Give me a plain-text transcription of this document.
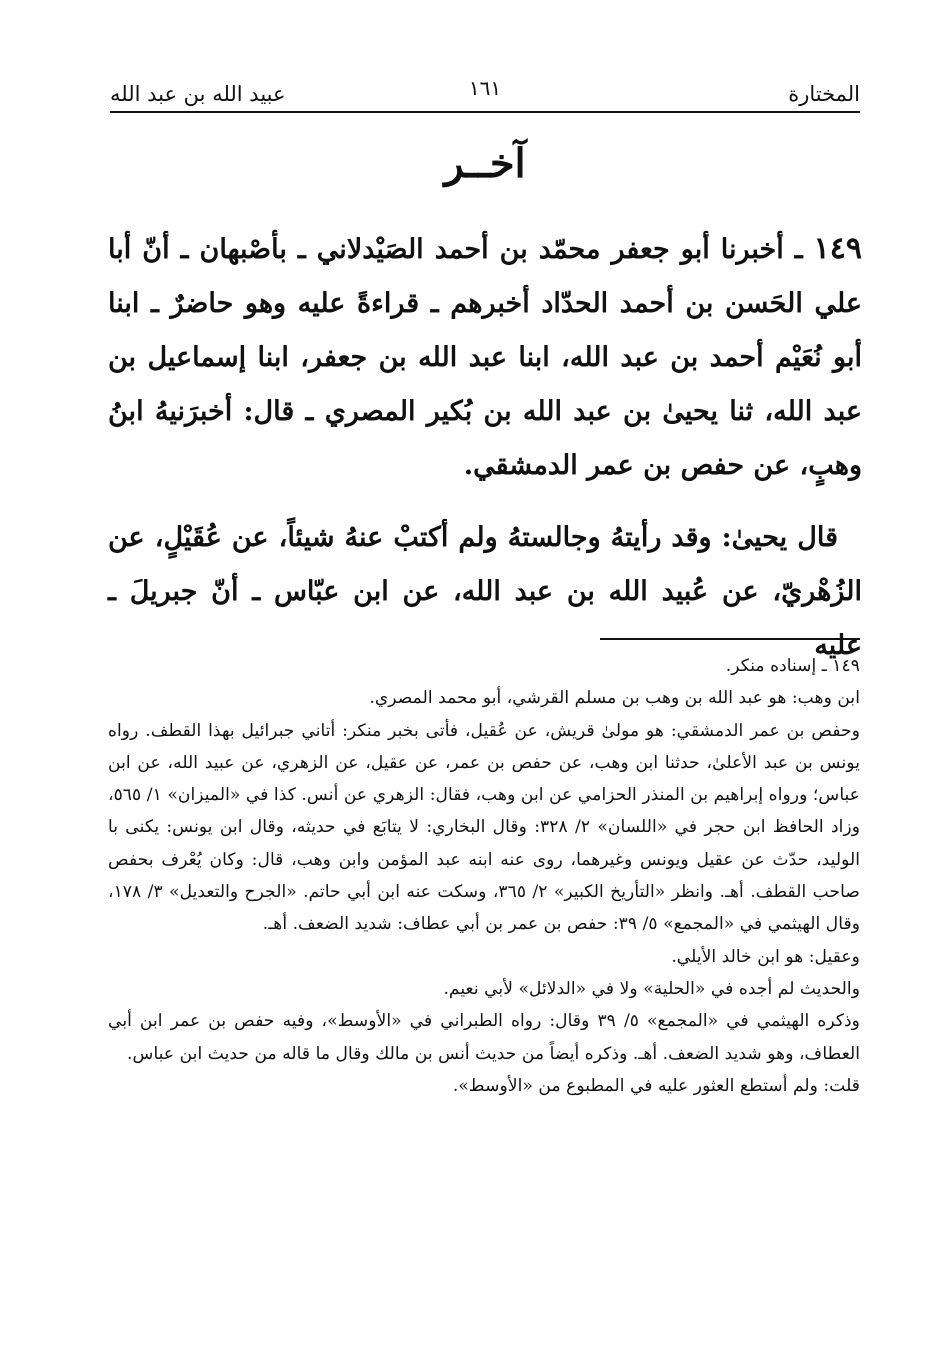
المختارة
١٦١
عبيد الله بن عبد الله
آخــر

١٤٩ ـ أخبرنا أبو جعفر محمّد بن أحمد الصَيْدلاني ـ بأصْبهان ـ أنّ أبا علي الحَسن بن أحمد الحدّاد أخبرهم ـ قراءةً عليه وهو حاضرٌ ـ ابنا أبو نُعَيْم أحمد بن عبد الله، ابنا عبد الله بن جعفر، ابنا إسماعيل بن عبد الله، ثنا يحيىٰ بن عبد الله بن بُكير المصري ـ قال: أخبرَنيهُ ابنُ وهبٍ، عن حفص بن عمر الدمشقي.

قال يحيىٰ: وقد رأيتهُ وجالستهُ ولم أكتبْ عنهُ شيئاً، عن عُقَيْلٍ، عن الزُهْريّ، عن عُبيد الله بن عبد الله، عن ابن عبّاس ـ أنّ جبريلَ ـ عليه

١٤٩ ـ إسناده منكر.

ابن وهب: هو عبد الله بن وهب بن مسلم القرشي، أبو محمد المصري.

وحفص بن عمر الدمشقي: هو مولىٰ قريش، عن عُقيل، فأتى بخبر منكر: أتاني جبرائيل بهذا القطف. رواه يونس بن عبد الأعلىٰ، حدثنا ابن وهب، عن حفص بن عمر، عن عقيل، عن الزهري، عن عبيد الله، عن ابن عباس؛ ورواه إبراهيم بن المنذر الحزامي عن ابن وهب، فقال: الزهري عن أنس. كذا في «الميزان» ١/ ٥٦٥، وزاد الحافظ ابن حجر في «اللسان» ٢/ ٣٢٨: وقال البخاري: لا يتابَع في حديثه، وقال ابن يونس: يكنى با الوليد، حدّث عن عقيل ويونس وغيرهما، روى عنه ابنه عبد المؤمن وابن وهب، قال: وكان يُعْرف بحفص صاحب القطف. أهـ. وانظر «التأريخ الكبير» ٢/ ٣٦٥، وسكت عنه ابن أبي حاتم. «الجرح والتعديل» ٣/ ١٧٨، وقال الهيثمي في «المجمع» ٥/ ٣٩: حفص بن عمر بن أبي عطاف: شديد الضعف. أهـ.

وعقيل: هو ابن خالد الأيلي.

والحديث لم أجده في «الحلية» ولا في «الدلائل» لأبي نعيم.

وذكره الهيثمي في «المجمع» ٥/ ٣٩ وقال: رواه الطبراني في «الأوسط»، وفيه حفص بن عمر ابن أبي العطاف، وهو شديد الضعف. أهـ. وذكره أيضاً من حديث أنس بن مالك وقال ما قاله من حديث ابن عباس.

قلت: ولم أستطع العثور عليه في المطبوع من «الأوسط».
